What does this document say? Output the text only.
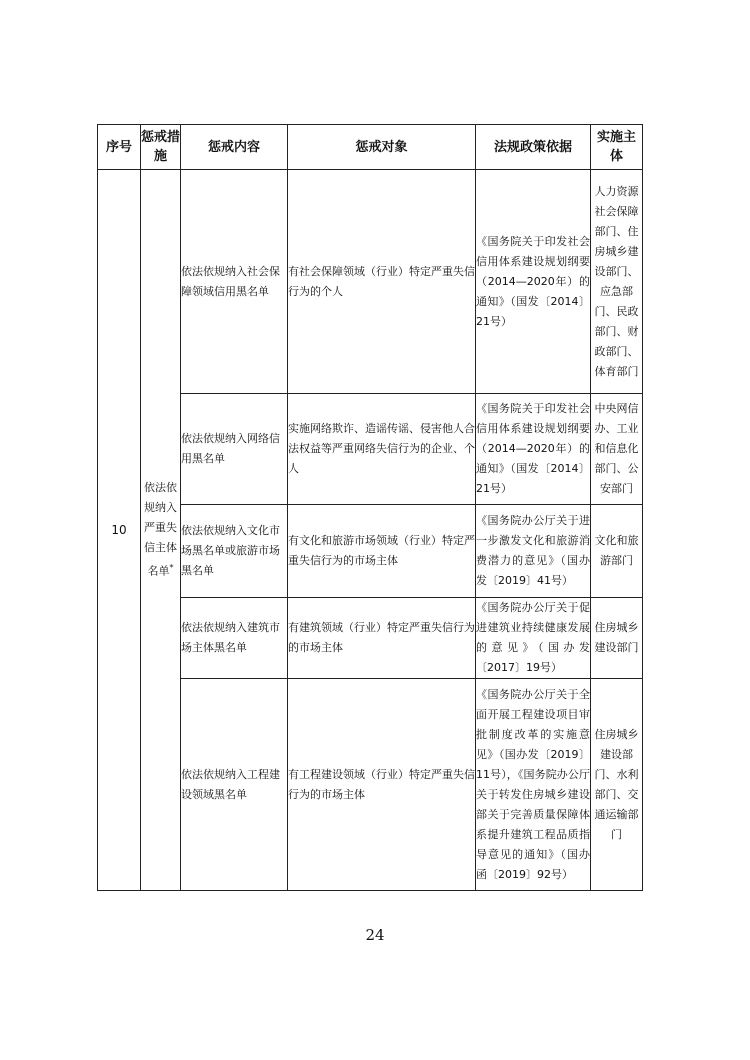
序号	惩戒措施	惩戒内容	惩戒对象	法规政策依据	实施主体
10	依法依规纳入严重失信主体名单*	依法依规纳入社会保障领域信用黑名单	有社会保障领域（行业）特定严重失信行为的个人	《国务院关于印发社会信用体系建设规划纲要（2014—2020年）的通知》（国发〔2014〕21号）	人力资源社会保障部门、住房城乡建设部门、应急部门、民政部门、财政部门、体育部门
		依法依规纳入网络信用黑名单	实施网络欺诈、造谣传谣、侵害他人合法权益等严重网络失信行为的企业、个人	《国务院关于印发社会信用体系建设规划纲要（2014—2020年）的通知》（国发〔2014〕21号）	中央网信办、工业和信息化部门、公安部门
		依法依规纳入文化市场黑名单或旅游市场黑名单	有文化和旅游市场领域（行业）特定严重失信行为的市场主体	《国务院办公厅关于进一步激发文化和旅游消费潜力的意见》（国办发〔2019〕41号）	文化和旅游部门
		依法依规纳入建筑市场主体黑名单	有建筑领域（行业）特定严重失信行为的市场主体	《国务院办公厅关于促进建筑业持续健康发展的意见》（国办发〔2017〕19号）	住房城乡建设部门
		依法依规纳入工程建设领域黑名单	有工程建设领域（行业）特定严重失信行为的市场主体	《国务院办公厅关于全面开展工程建设项目审批制度改革的实施意见》（国办发〔2019〕11号），《国务院办公厅关于转发住房城乡建设部关于完善质量保障体系提升建筑工程品质指导意见的通知》（国办函〔2019〕92号）	住房城乡建设部门、水利部门、交通运输部门
24
